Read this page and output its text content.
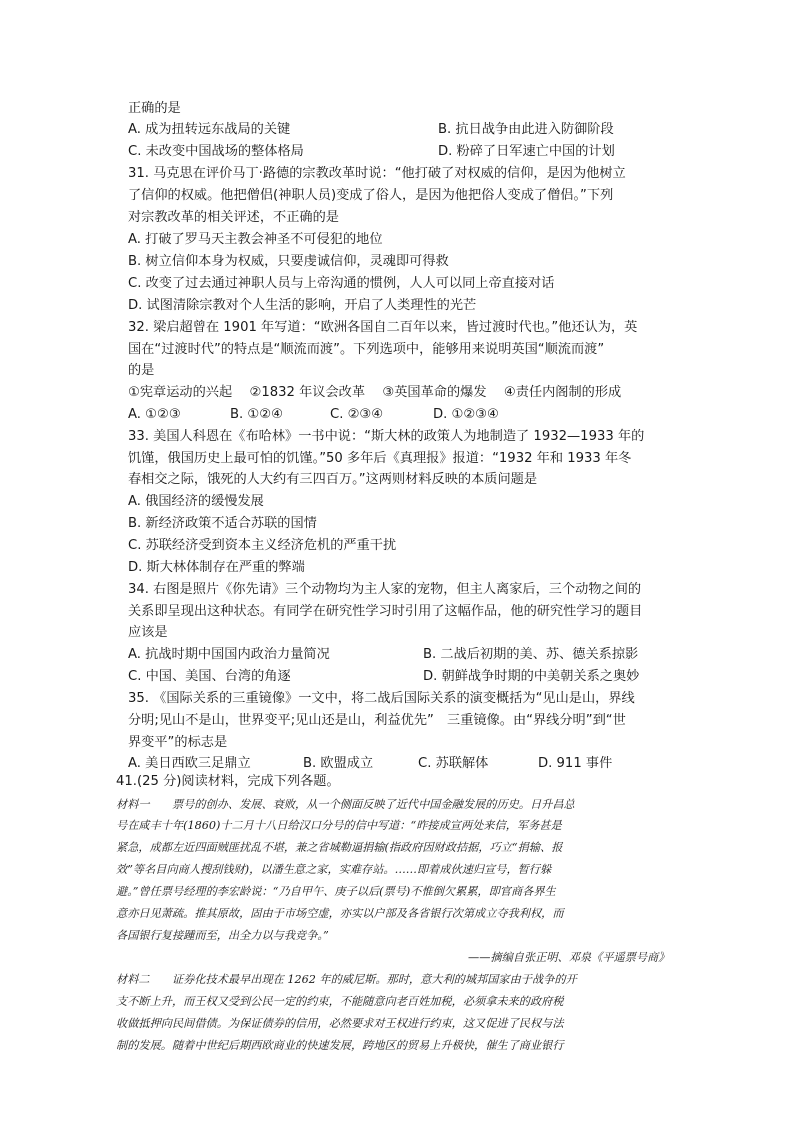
正确的是
A. 成为扭转远东战局的关键	B. 抗日战争由此进入防御阶段
C. 未改变中国战场的整体格局	D. 粉碎了日军速亡中国的计划
31. 马克思在评价马丁·路德的宗教改革时说：“他打破了对权威的信仰，是因为他树立
了信仰的权威。他把僧侣(神职人员)变成了俗人，是因为他把俗人变成了僧侣。”下列
对宗教改革的相关评述，不正确的是
A. 打破了罗马天主教会神圣不可侵犯的地位
B. 树立信仰本身为权威，只要虔诚信仰，灵魂即可得救
C. 改变了过去通过神职人员与上帝沟通的惯例，人人可以同上帝直接对话
D. 试图清除宗教对个人生活的影响，开启了人类理性的光芒
32. 梁启超曾在 1901 年写道：“欧洲各国自二百年以来，皆过渡时代也。”他还认为，英
国在“过渡时代”的特点是“顺流而渡”。下列选项中，能够用来说明英国“顺流而渡”
的是
①宪章运动的兴起　 ②1832 年议会改革　 ③英国革命的爆发　 ④责任内阁制的形成
A. ①②③	B. ①②④	C. ②③④	D. ①②③④
33. 美国人科恩在《布哈林》一书中说：“斯大林的政策人为地制造了 1932—1933 年的
饥馑，俄国历史上最可怕的饥馑。”50 多年后《真理报》报道：“1932 年和 1933 年冬
春相交之际，饿死的人大约有三四百万。”这两则材料反映的本质问题是
A. 俄国经济的缓慢发展
B. 新经济政策不适合苏联的国情
C. 苏联经济受到资本主义经济危机的严重干扰
D. 斯大林体制存在严重的弊端
34. 右图是照片《你先请》三个动物均为主人家的宠物，但主人离家后，三个动物之间的
关系即呈现出这种状态。有同学在研究性学习时引用了这幅作品，他的研究性学习的题目
应该是
A. 抗战时期中国国内政治力量简况	B. 二战后初期的美、苏、德关系掠影
C. 中国、美国、台湾的角逐	D. 朝鲜战争时期的中美朝关系之奥妙
35. 《国际关系的三重镜像》一文中，将二战后国际关系的演变概括为“见山是山，界线
分明;见山不是山，世界变平;见山还是山，利益优先”　三重镜像。由“界线分明”到“世
界变平”的标志是
A. 美日西欧三足鼎立	B. 欧盟成立	C. 苏联解体	D. 911 事件
41.(25 分)阅读材料，完成下列各题。
材料一　　票号的创办、发展、衰败，从一个侧面反映了近代中国金融发展的历史。日升昌总
号在咸丰十年(1860)十二月十八日给汉口分号的信中写道：“昨接成宣两处来信，军务甚是
紧急，成都左近四面贼匪扰乱不堪，兼之省城勒逼捐输(指政府因财政拮据，巧立“捐输、报
效”等名目向商人搜刮钱财)，以潘生意之家，实难存站。……即着成伙速归宣号，暂行躲
避。”曾任票号经理的李宏龄说：“乃自甲午、庚子以后(票号)不惟倒欠累累，即官商各界生
意亦日见萧疏。推其原故，固由于市场空虚，亦实以户部及各省银行次第成立夺我利权，而
各国银行复接踵而至，出全力以与我竞争。”
——摘编自张正明、邓泉《平遥票号商》
材料二　　证券化技术最早出现在 1262 年的威尼斯。那时，意大利的城邦国家由于战争的开
支不断上升，而王权又受到公民一定的约束，不能随意向老百姓加税，必须拿未来的政府税
收做抵押向民间借债。为保证债券的信用，必然要求对王权进行约束，这又促进了民权与法
制的发展。随着中世纪后期西欧商业的快速发展，跨地区的贸易上升极快，催生了商业银行
